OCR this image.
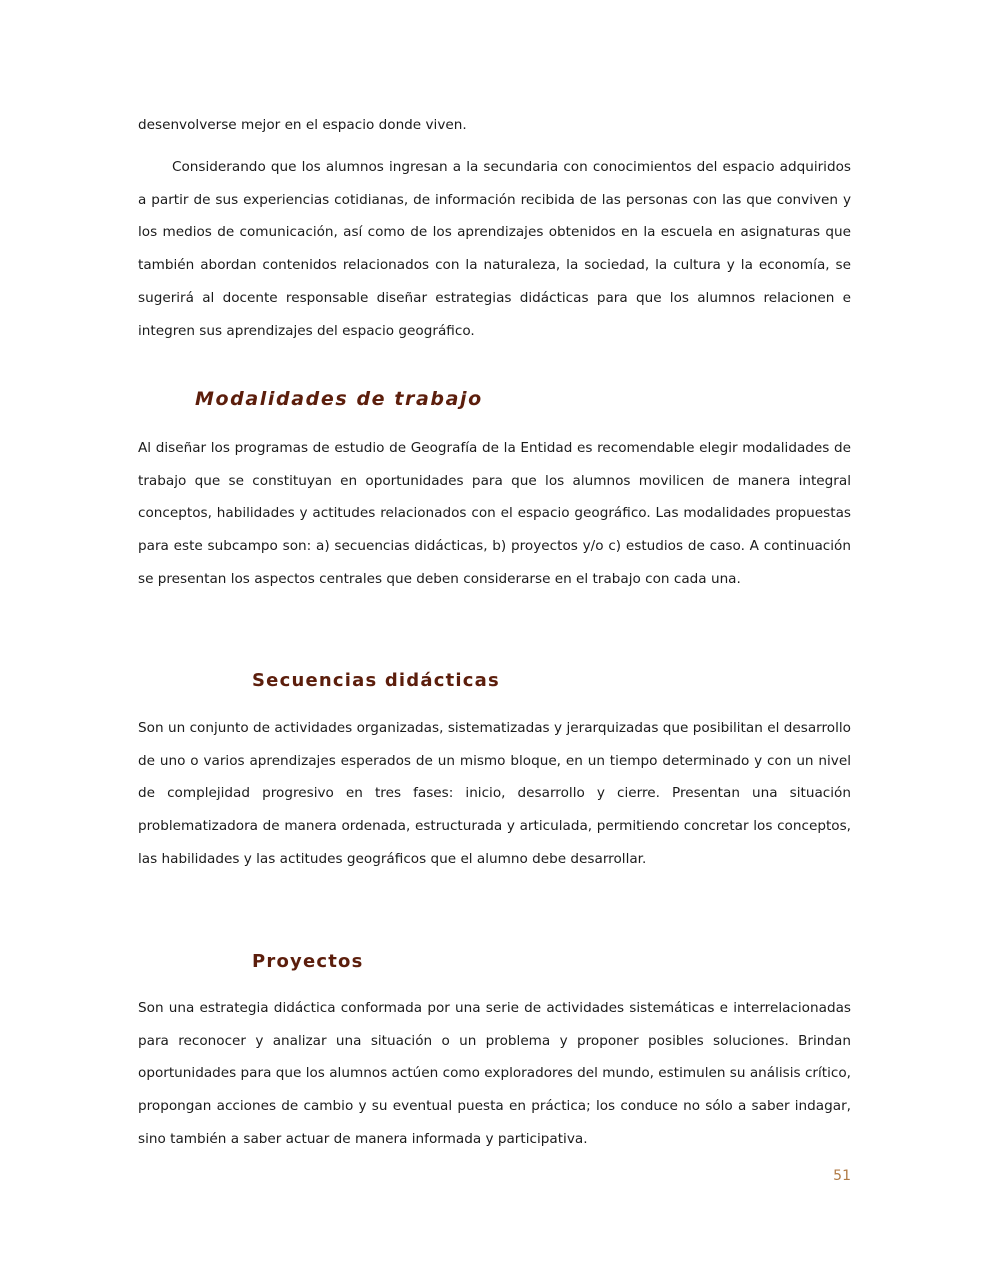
desenvolverse mejor en el espacio donde viven.

Considerando que los alumnos ingresan a la secundaria con conocimientos del espacio adquiridos a partir de sus experiencias cotidianas, de información recibida de las personas con las que conviven y los medios de comunicación, así como de los aprendizajes obtenidos en la escuela en asignaturas que también abordan contenidos relacionados con la naturaleza, la sociedad, la cultura y la economía, se sugerirá al docente responsable diseñar estrategias didácticas para que los alumnos relacionen e integren sus aprendizajes del espacio geográfico.

Modalidades de trabajo

Al diseñar los programas de estudio de Geografía de la Entidad es recomendable elegir modalidades de trabajo que se constituyan en oportunidades para que los alumnos movilicen de manera integral conceptos, habilidades y actitudes relacionados con el espacio geográfico. Las modalidades propuestas para este subcampo son: a) secuencias didácticas, b) proyectos y/o c) estudios de caso. A continuación se presentan los aspectos centrales que deben considerarse en el trabajo con cada una.

Secuencias didácticas

Son un conjunto de actividades organizadas, sistematizadas y jerarquizadas que posibilitan el desarrollo de uno o varios aprendizajes esperados de un mismo bloque, en un tiempo determinado y con un nivel de complejidad progresivo en tres fases: inicio, desarrollo y cierre. Presentan una situación problematizadora de manera ordenada, estructurada y articulada, permitiendo concretar los conceptos, las habilidades y las actitudes geográficos que el alumno debe desarrollar.

Proyectos

Son una estrategia didáctica conformada por una serie de actividades sistemáticas e interrelacionadas para reconocer y analizar una situación o un problema y proponer posibles soluciones. Brindan oportunidades para que los alumnos actúen como exploradores del mundo, estimulen su análisis crítico, propongan acciones de cambio y su eventual puesta en práctica; los conduce no sólo a saber indagar, sino también a saber actuar de manera informada y participativa.

51
